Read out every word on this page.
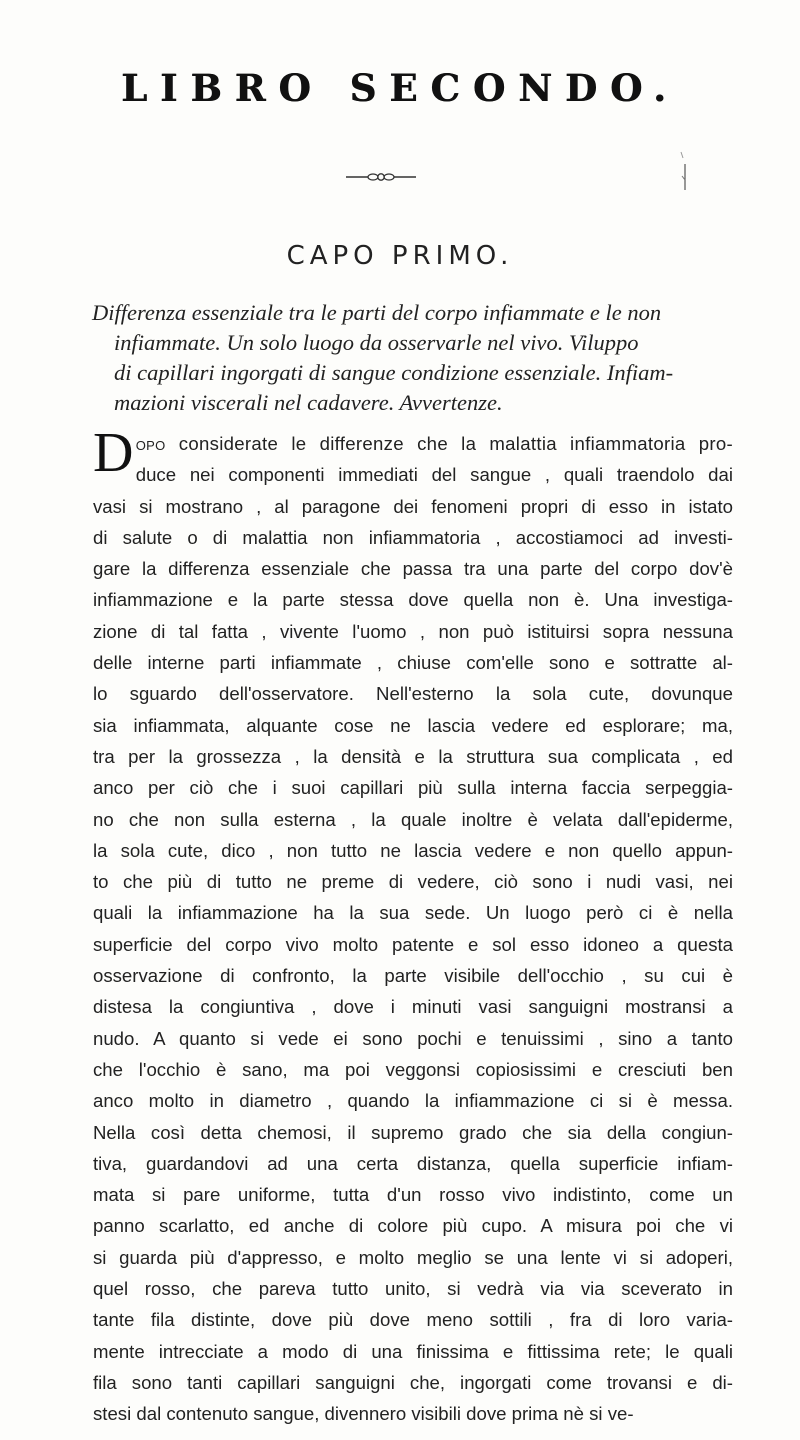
LIBRO SECONDO.
CAPO PRIMO.
Differenza essenziale tra le parti del corpo infiammate e le non
infiammate. Un solo luogo da osservarle nel vivo. Viluppo
di capillari ingorgati di sangue condizione essenziale. Infiam-
mazioni viscerali nel cadavere. Avvertenze.
Dopo considerate le differenze che la malattia infiammatoria pro-
duce nei componenti immediati del sangue , quali traendolo dai
vasi si mostrano , al paragone dei fenomeni propri di esso in istato
di salute o di malattia non infiammatoria , accostiamoci ad investi-
gare la differenza essenziale che passa tra una parte del corpo dov'è
infiammazione e la parte stessa dove quella non è. Una investiga-
zione di tal fatta , vivente l'uomo , non può istituirsi sopra nessuna
delle interne parti infiammate , chiuse com'elle sono e sottratte al-
lo sguardo dell'osservatore. Nell'esterno la sola cute, dovunque
sia infiammata, alquante cose ne lascia vedere ed esplorare; ma,
tra per la grossezza , la densità e la struttura sua complicata , ed
anco per ciò che i suoi capillari più sulla interna faccia serpeggia-
no che non sulla esterna , la quale inoltre è velata dall'epiderme,
la sola cute, dico , non tutto ne lascia vedere e non quello appun-
to che più di tutto ne preme di vedere, ciò sono i nudi vasi, nei
quali la infiammazione ha la sua sede. Un luogo però ci è nella
superficie del corpo vivo molto patente e sol esso idoneo a questa
osservazione di confronto, la parte visibile dell'occhio , su cui è
distesa la congiuntiva , dove i minuti vasi sanguigni mostransi a
nudo. A quanto si vede ei sono pochi e tenuissimi , sino a tanto
che l'occhio è sano, ma poi veggonsi copiosissimi e cresciuti ben
anco molto in diametro , quando la infiammazione ci si è messa.
Nella così detta chemosi, il supremo grado che sia della congiun-
tiva, guardandovi ad una certa distanza, quella superficie infiam-
mata si pare uniforme, tutta d'un rosso vivo indistinto, come un
panno scarlatto, ed anche di colore più cupo. A misura poi che vi
si guarda più d'appresso, e molto meglio se una lente vi si adoperi,
quel rosso, che pareva tutto unito, si vedrà via via sceverato in
tante fila distinte, dove più dove meno sottili , fra di loro varia-
mente intrecciate a modo di una finissima e fittissima rete; le quali
fila sono tanti capillari sanguigni che, ingorgati come trovansi e di-
stesi dal contenuto sangue, divennero visibili dove prima nè si ve-
